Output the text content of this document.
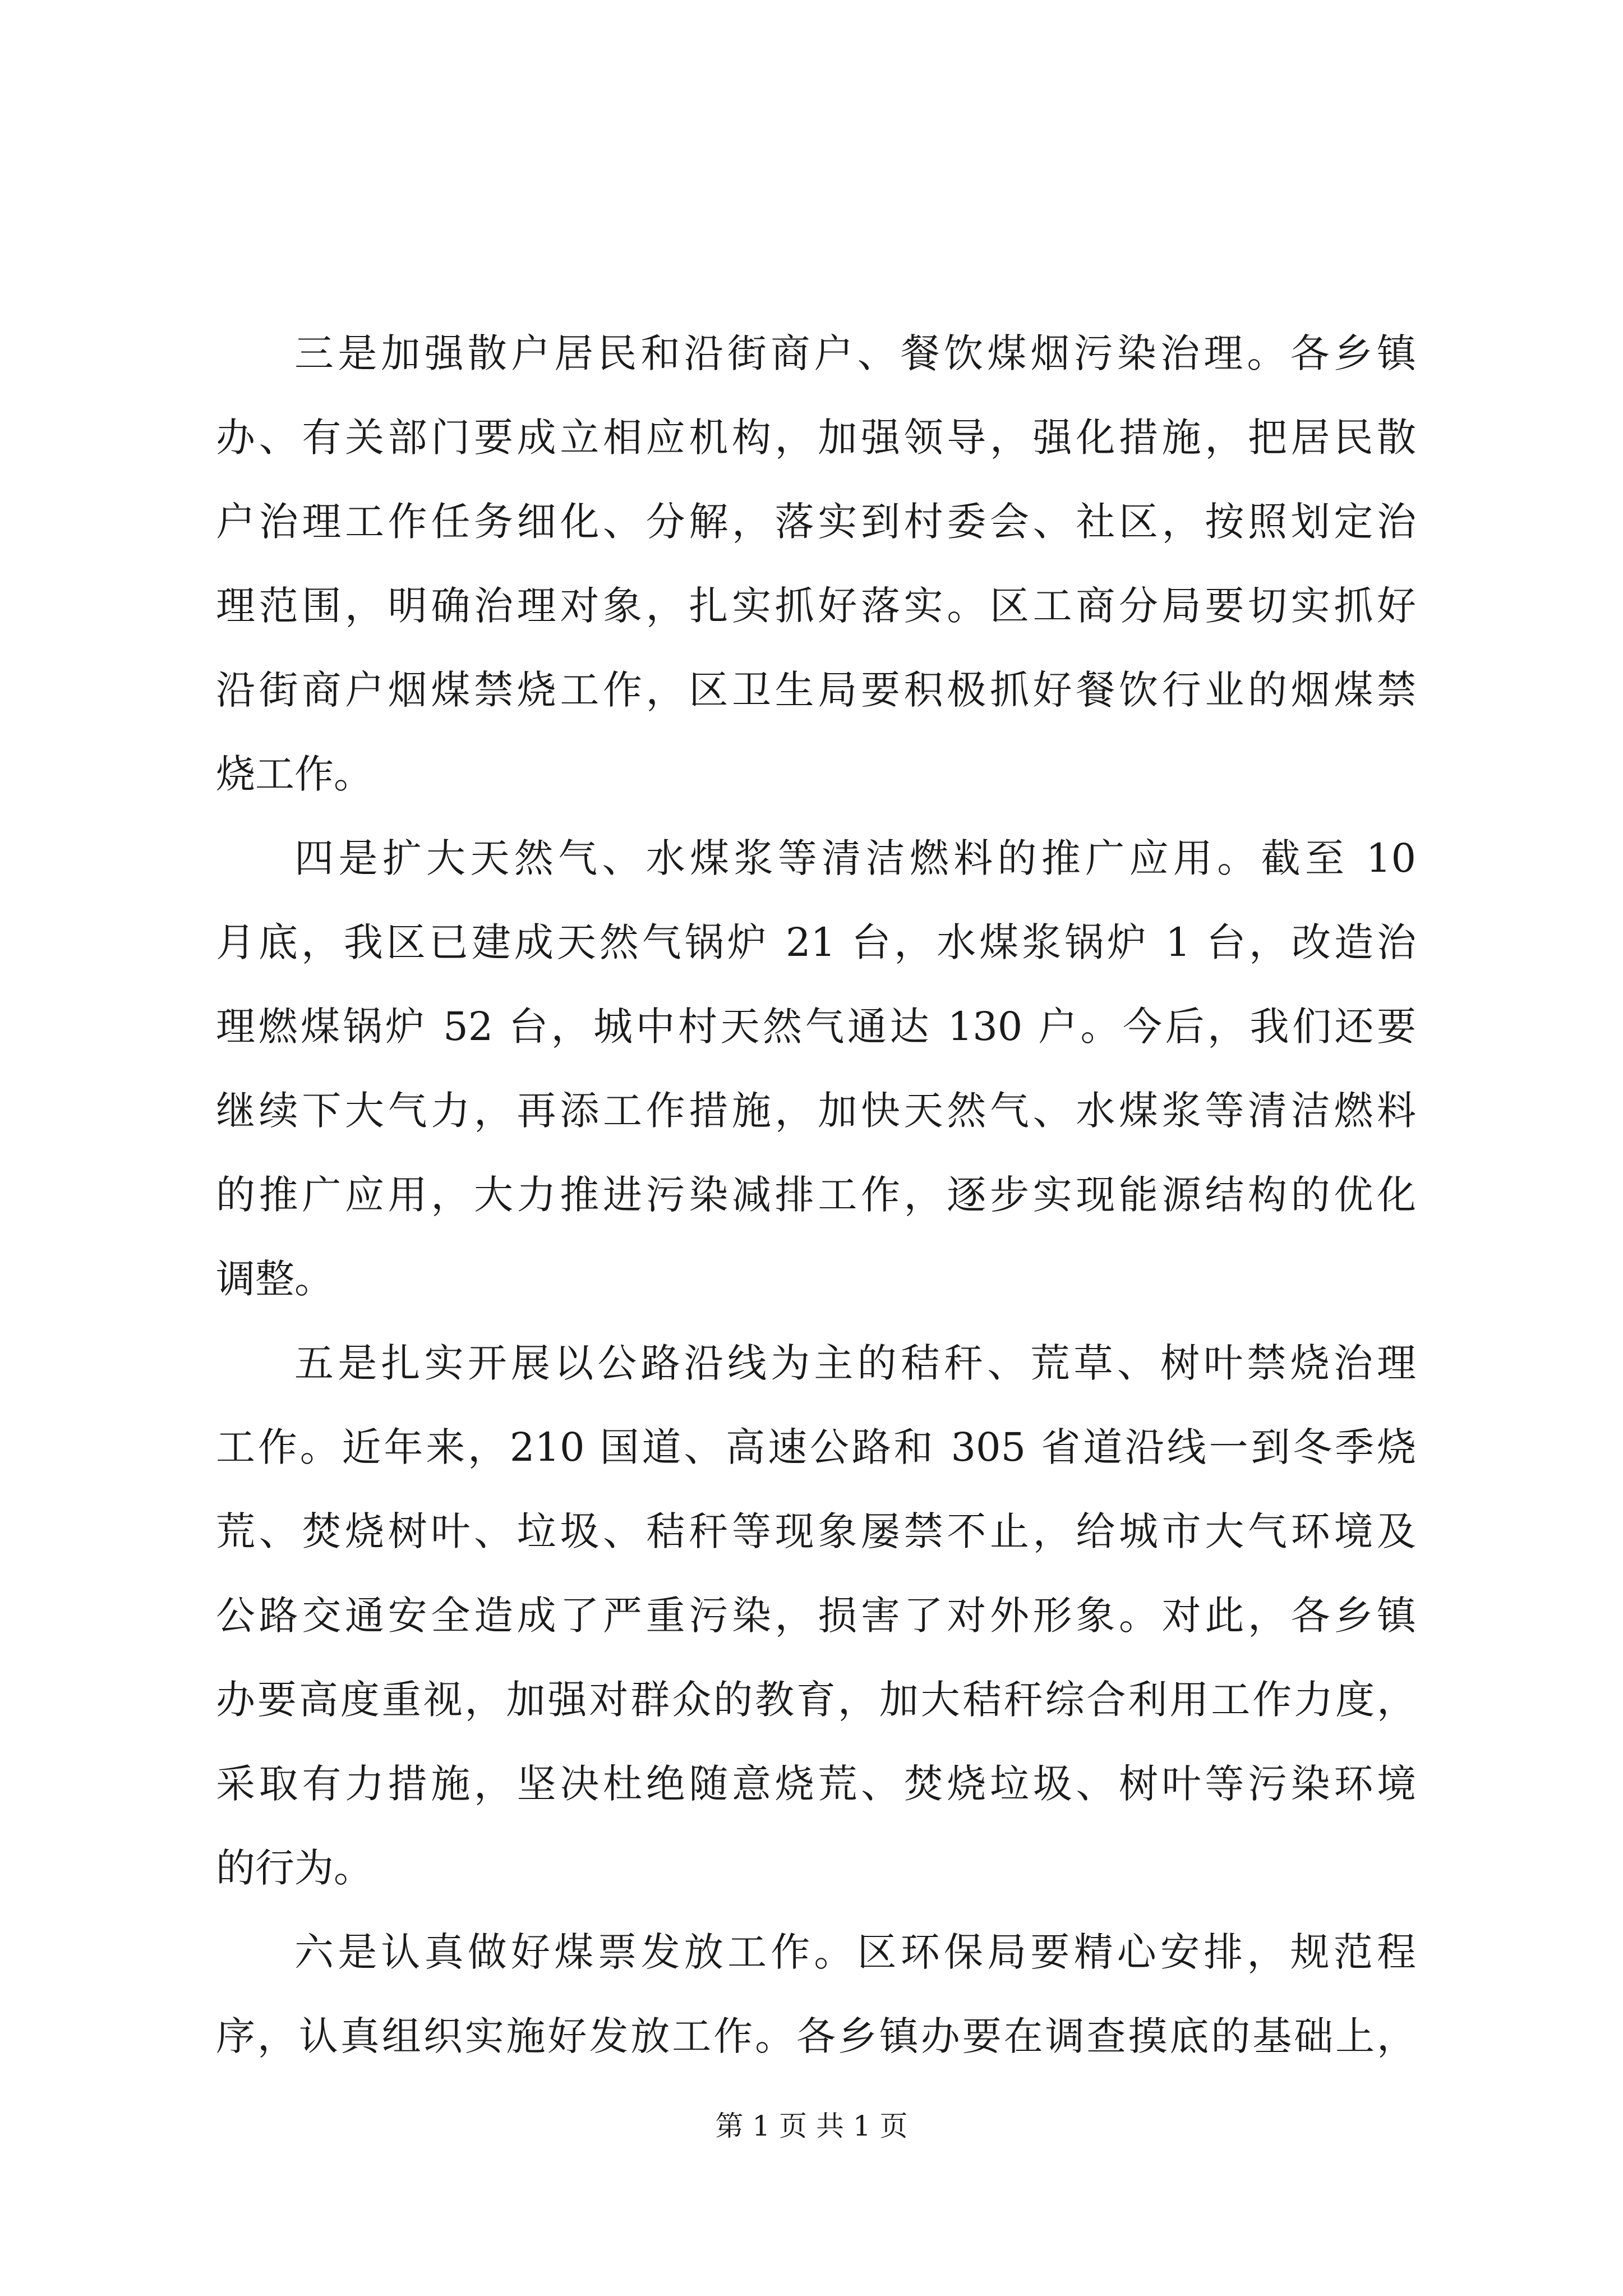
三是加强散户居民和沿街商户、餐饮煤烟污染治理。各乡镇
办、有关部门要成立相应机构，加强领导，强化措施，把居民散
户治理工作任务细化、分解，落实到村委会、社区，按照划定治
理范围，明确治理对象，扎实抓好落实。区工商分局要切实抓好
沿街商户烟煤禁烧工作，区卫生局要积极抓好餐饮行业的烟煤禁
烧工作。
四是扩大天然气、水煤浆等清洁燃料的推广应用。截至 10
月底，我区已建成天然气锅炉 21 台，水煤浆锅炉 1 台，改造治
理燃煤锅炉 52 台，城中村天然气通达 130 户。今后，我们还要
继续下大气力，再添工作措施，加快天然气、水煤浆等清洁燃料
的推广应用，大力推进污染减排工作，逐步实现能源结构的优化
调整。
五是扎实开展以公路沿线为主的秸秆、荒草、树叶禁烧治理
工作。近年来，210 国道、高速公路和 305 省道沿线一到冬季烧
荒、焚烧树叶、垃圾、秸秆等现象屡禁不止，给城市大气环境及
公路交通安全造成了严重污染，损害了对外形象。对此，各乡镇
办要高度重视，加强对群众的教育，加大秸秆综合利用工作力度，
采取有力措施，坚决杜绝随意烧荒、焚烧垃圾、树叶等污染环境
的行为。
六是认真做好煤票发放工作。区环保局要精心安排，规范程
序，认真组织实施好发放工作。各乡镇办要在调查摸底的基础上，
第 1 页 共 1 页
